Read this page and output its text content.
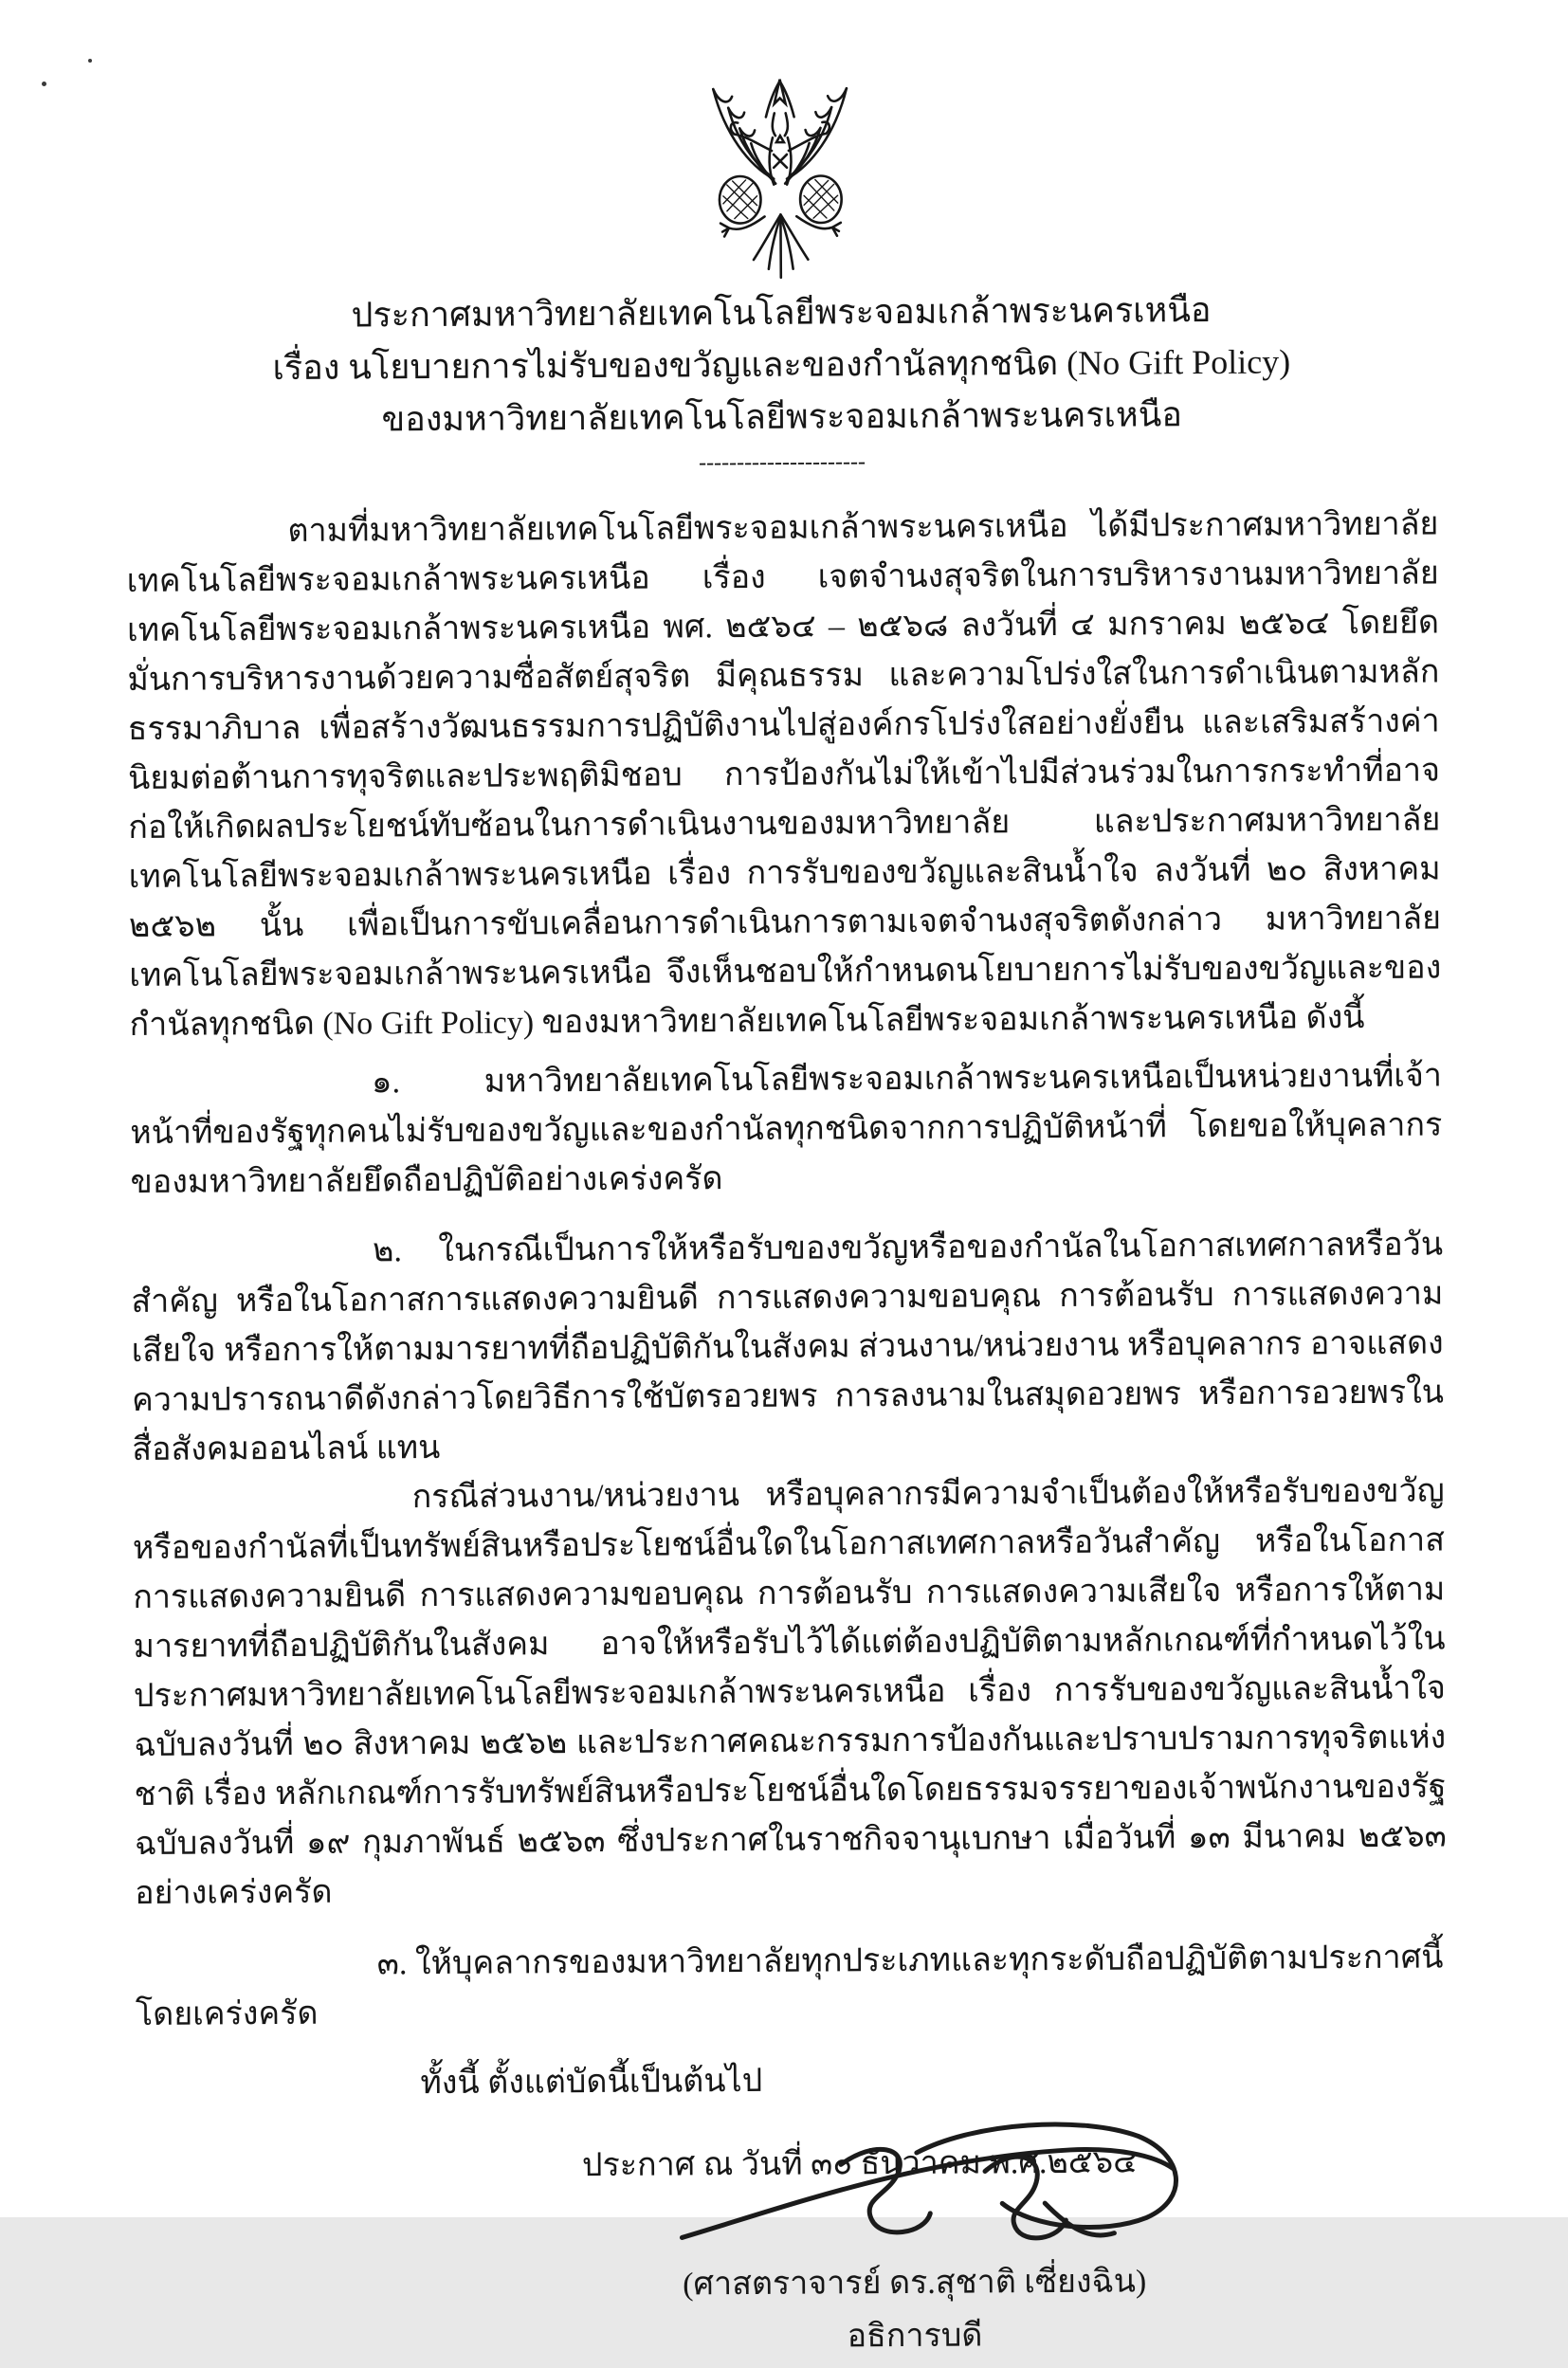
ประกาศมหาวิทยาลัยเทคโนโลยีพระจอมเกล้าพระนครเหนือ
เรื่อง นโยบายการไม่รับของขวัญและของกำนัลทุกชนิด (No Gift Policy)
ของมหาวิทยาลัยเทคโนโลยีพระจอมเกล้าพระนครเหนือ
----------------------
ตามที่มหาวิทยาลัยเทคโนโลยีพระจอมเกล้าพระนครเหนือ ได้มีประกาศมหาวิทยาลัยเทคโนโลยีพระจอมเกล้าพระนครเหนือ เรื่อง เจตจำนงสุจริตในการบริหารงานมหาวิทยาลัยเทคโนโลยีพระจอมเกล้าพระนครเหนือ พศ. ๒๕๖๔ – ๒๕๖๘ ลงวันที่ ๔ มกราคม ๒๕๖๔ โดยยึดมั่นการบริหารงานด้วยความซื่อสัตย์สุจริต มีคุณธรรม และความโปร่งใสในการดำเนินตามหลักธรรมาภิบาล เพื่อสร้างวัฒนธรรมการปฏิบัติงานไปสู่องค์กรโปร่งใสอย่างยั่งยืน และเสริมสร้างค่านิยมต่อต้านการทุจริตและประพฤติมิชอบ การป้องกันไม่ให้เข้าไปมีส่วนร่วมในการกระทำที่อาจก่อให้เกิดผลประโยชน์ทับซ้อนในการดำเนินงานของมหาวิทยาลัย และประกาศมหาวิทยาลัยเทคโนโลยีพระจอมเกล้าพระนครเหนือ เรื่อง การรับของขวัญและสินน้ำใจ ลงวันที่ ๒๐ สิงหาคม ๒๕๖๒ นั้น เพื่อเป็นการขับเคลื่อนการดำเนินการตามเจตจำนงสุจริตดังกล่าว มหาวิทยาลัยเทคโนโลยีพระจอมเกล้าพระนครเหนือ จึงเห็นชอบให้กำหนดนโยบายการไม่รับของขวัญและของกำนัลทุกชนิด (No Gift Policy) ของมหาวิทยาลัยเทคโนโลยีพระจอมเกล้าพระนครเหนือ ดังนี้
๑. มหาวิทยาลัยเทคโนโลยีพระจอมเกล้าพระนครเหนือเป็นหน่วยงานที่เจ้าหน้าที่ของรัฐทุกคนไม่รับของขวัญและของกำนัลทุกชนิดจากการปฏิบัติหน้าที่ โดยขอให้บุคลากรของมหาวิทยาลัยยึดถือปฏิบัติอย่างเคร่งครัด
๒. ในกรณีเป็นการให้หรือรับของขวัญหรือของกำนัลในโอกาสเทศกาลหรือวันสำคัญ หรือในโอกาสการแสดงความยินดี การแสดงความขอบคุณ การต้อนรับ การแสดงความเสียใจ หรือการให้ตามมารยาทที่ถือปฏิบัติกันในสังคม ส่วนงาน/หน่วยงาน หรือบุคลากร อาจแสดงความปรารถนาดีดังกล่าวโดยวิธีการใช้บัตรอวยพร การลงนามในสมุดอวยพร หรือการอวยพรในสื่อสังคมออนไลน์ แทน
กรณีส่วนงาน/หน่วยงาน หรือบุคลากรมีความจำเป็นต้องให้หรือรับของขวัญหรือของกำนัลที่เป็นทรัพย์สินหรือประโยชน์อื่นใดในโอกาสเทศกาลหรือวันสำคัญ หรือในโอกาสการแสดงความยินดี การแสดงความขอบคุณ การต้อนรับ การแสดงความเสียใจ หรือการให้ตามมารยาทที่ถือปฏิบัติกันในสังคม อาจให้หรือรับไว้ได้แต่ต้องปฏิบัติตามหลักเกณฑ์ที่กำหนดไว้ในประกาศมหาวิทยาลัยเทคโนโลยีพระจอมเกล้าพระนครเหนือ เรื่อง การรับของขวัญและสินน้ำใจ ฉบับลงวันที่ ๒๐ สิงหาคม ๒๕๖๒ และประกาศคณะกรรมการป้องกันและปราบปรามการทุจริตแห่งชาติ เรื่อง หลักเกณฑ์การรับทรัพย์สินหรือประโยชน์อื่นใดโดยธรรมจรรยาของเจ้าพนักงานของรัฐ ฉบับลงวันที่ ๑๙ กุมภาพันธ์ ๒๕๖๓ ซึ่งประกาศในราชกิจจานุเบกษา เมื่อวันที่ ๑๓ มีนาคม ๒๕๖๓ อย่างเคร่งครัด
๓. ให้บุคลากรของมหาวิทยาลัยทุกประเภทและทุกระดับถือปฏิบัติตามประกาศนี้โดยเคร่งครัด
ทั้งนี้ ตั้งแต่บัดนี้เป็นต้นไป
ประกาศ ณ วันที่ ๓๐ ธันวาคม พ.ศ.๒๕๖๔
(ศาสตราจารย์ ดร.สุชาติ เซี่ยงฉิน)
อธิการบดี
